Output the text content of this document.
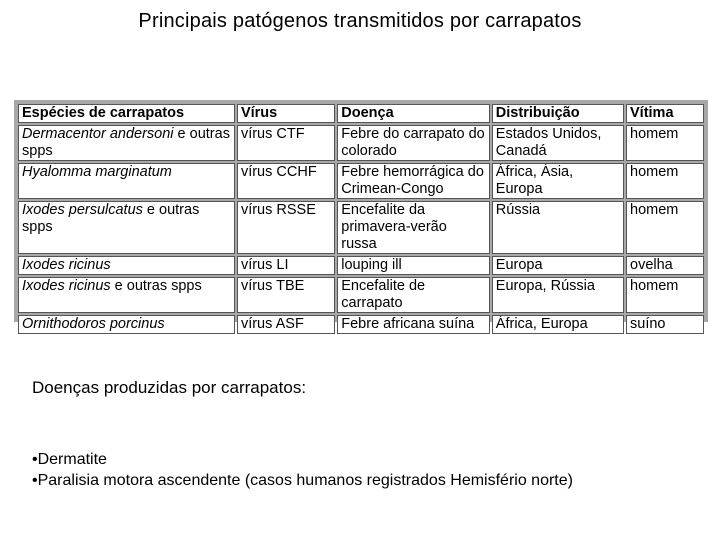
Principais patógenos transmitidos por carrapatos
Espécies de carrapatos	Vírus	Doença	Distribuição	Vítima
Dermacentor andersoni e outras spps	vírus CTF	Febre do carrapato do colorado	Estados Unidos, Canadá	homem
Hyalomma marginatum	vírus CCHF	Febre hemorrágica do Crimean-Congo	África, Ásia, Europa	homem
Ixodes persulcatus e outras spps	vírus RSSE	Encefalite da primavera-verão russa	Rússia	homem
Ixodes ricinus	vírus LI	louping ill	Europa	ovelha
Ixodes ricinus e outras spps	vírus TBE	Encefalite de carrapato	Europa, Rússia	homem
Ornithodoros porcinus	vírus ASF	Febre africana suína	África, Europa	suíno
Doenças produzidas por carrapatos:
•Dermatite
•Paralisia motora ascendente (casos humanos registrados Hemisfério norte)
